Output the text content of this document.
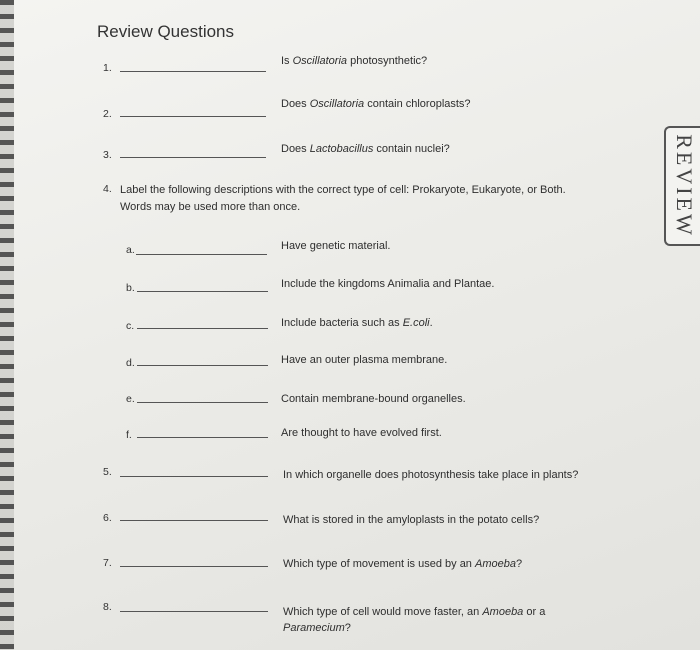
Review Questions
REVIEW
1.
Is Oscillatoria photosynthetic?
2.
Does Oscillatoria contain chloroplasts?
3.	Does Lactobacillus contain nuclei?
4. Label the following descriptions with the correct type of cell: Prokaryote, Eukaryote, or Both.
Words may be used more than once.
a.	Have genetic material.
b.	Include the kingdoms Animalia and Plantae.
c.	Include bacteria such as E.coli.
d.	Have an outer plasma membrane.
e.	Contain membrane-bound organelles.
f.	Are thought to have evolved first.
5.	In which organelle does photosynthesis take place in plants?
6.	What is stored in the amyloplasts in the potato cells?
7.	Which type of movement is used by an Amoeba?
8.	Which type of cell would move faster, an Amoeba or a
Paramecium?
